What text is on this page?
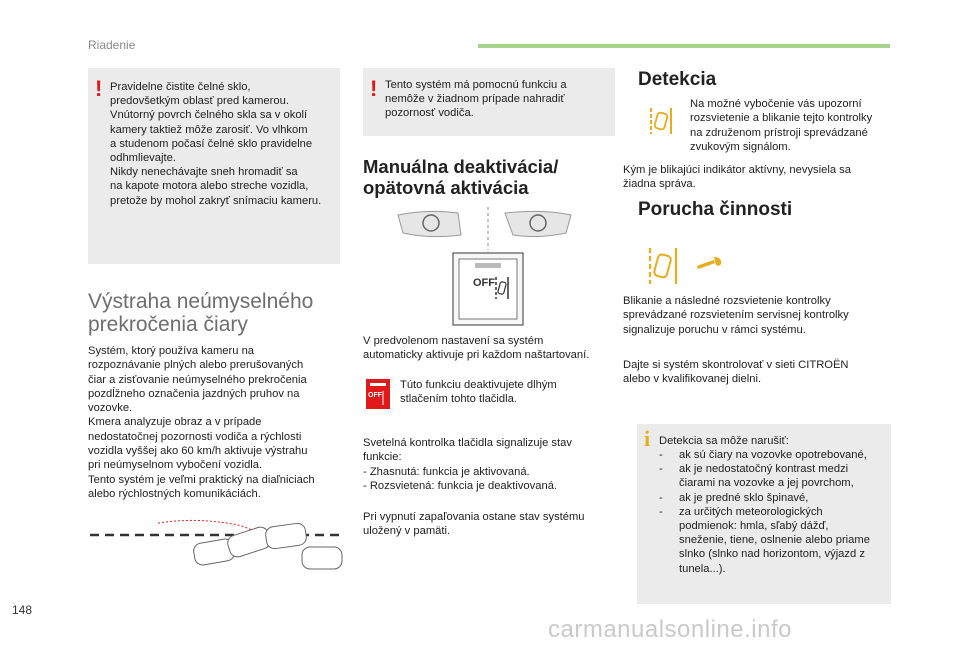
Riadenie
! Pravidelne čistite čelné sklo,
predovšetkým oblasť pred kamerou.
Vnútorný povrch čelného skla sa v okolí
kamery taktiež môže zarosiť. Vo vlhkom
a studenom počasí čelné sklo pravidelne
odhmlievajte.
Nikdy nenechávajte sneh hromadiť sa
na kapote motora alebo streche vozidla,
pretože by mohol zakryť snímaciu kameru.
Výstraha neúmyselného
prekročenia čiary
Systém, ktorý používa kameru na
rozpoznávanie plných alebo prerušovaných
čiar a zisťovanie neúmyselného prekročenia
pozdĺžneho označenia jazdných pruhov na
vozovke.
Kmera analyzuje obraz a v prípade
nedostatočnej pozornosti vodiča a rýchlosti
vozidla vyššej ako 60 km/h aktivuje výstrahu
pri neúmyselnom vybočení vozidla.
Tento systém je veľmi praktický na diaľniciach
alebo rýchlostných komunikáciách.
! Tento systém má pomocnú funkciu a
nemôže v žiadnom prípade nahradiť
pozornosť vodiča.
Manuálna deaktivácia/
opätovná aktivácia
OFF
V predvolenom nastavení sa systém
automaticky aktivuje pri každom naštartovaní.
OFF
Túto funkciu deaktivujete dlhým
stlačením tohto tlačidla.
Svetelná kontrolka tlačidla signalizuje stav
funkcie:
- Zhasnutá: funkcia je aktivovaná.
- Rozsvietená: funkcia je deaktivovaná.
Pri vypnutí zapaľovania ostane stav systému
uložený v pamäti.
Detekcia
Na možné vybočenie vás upozorní
rozsvietenie a blikanie tejto kontrolky
na združenom prístroji sprevádzané
zvukovým signálom.
Kým je blikajúci indikátor aktívny, nevysiela sa
žiadna správa.
Porucha činnosti
Blikanie a následné rozsvietenie kontrolky
sprevádzané rozsvietením servisnej kontrolky
signalizuje poruchu v rámci systému.
Dajte si systém skontrolovať v sieti CITROËN
alebo v kvalifikovanej dielni.
i Detekcia sa môže narušiť:
- ak sú čiary na vozovke opotrebované,
- ak je nedostatočný kontrast medzi
čiarami na vozovke a jej povrchom,
- ak je predné sklo špinavé,
- za určitých meteorologických
podmienok: hmla, sľabý dážď,
sneženie, tiene, oslnenie alebo priame
slnko (slnko nad horizontom, výjazd z
tunela...).
148
carmanualsonline.info
